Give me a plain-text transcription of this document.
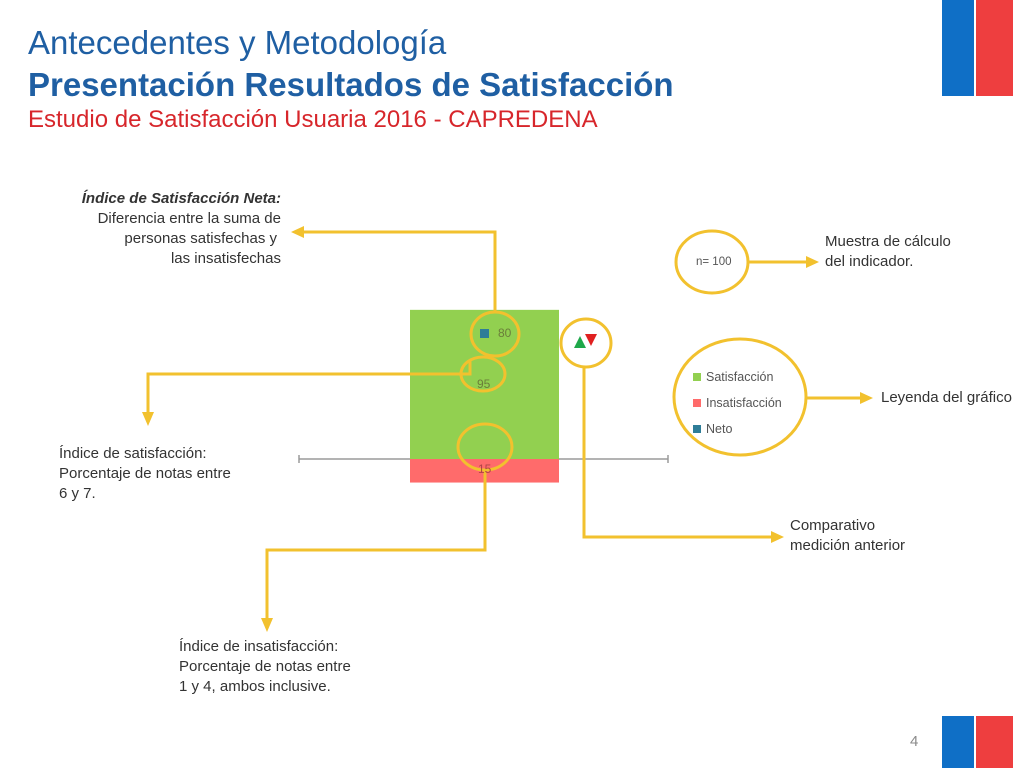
Antecedentes y Metodología
Presentación Resultados de Satisfacción
Estudio de Satisfacción Usuaria 2016 - CAPREDENA
80
95
15
n= 100
Satisfacción
Insatisfacción
Neto
Índice de Satisfacción Neta:
Diferencia entre la suma de
personas satisfechas y
las insatisfechas
Índice de satisfacción:
Porcentaje de notas entre
6 y 7.
Índice de insatisfacción:
Porcentaje de notas entre
1 y 4, ambos inclusive.
Muestra de cálculo
del indicador.
Leyenda del gráfico
Comparativo
medición anterior
4
